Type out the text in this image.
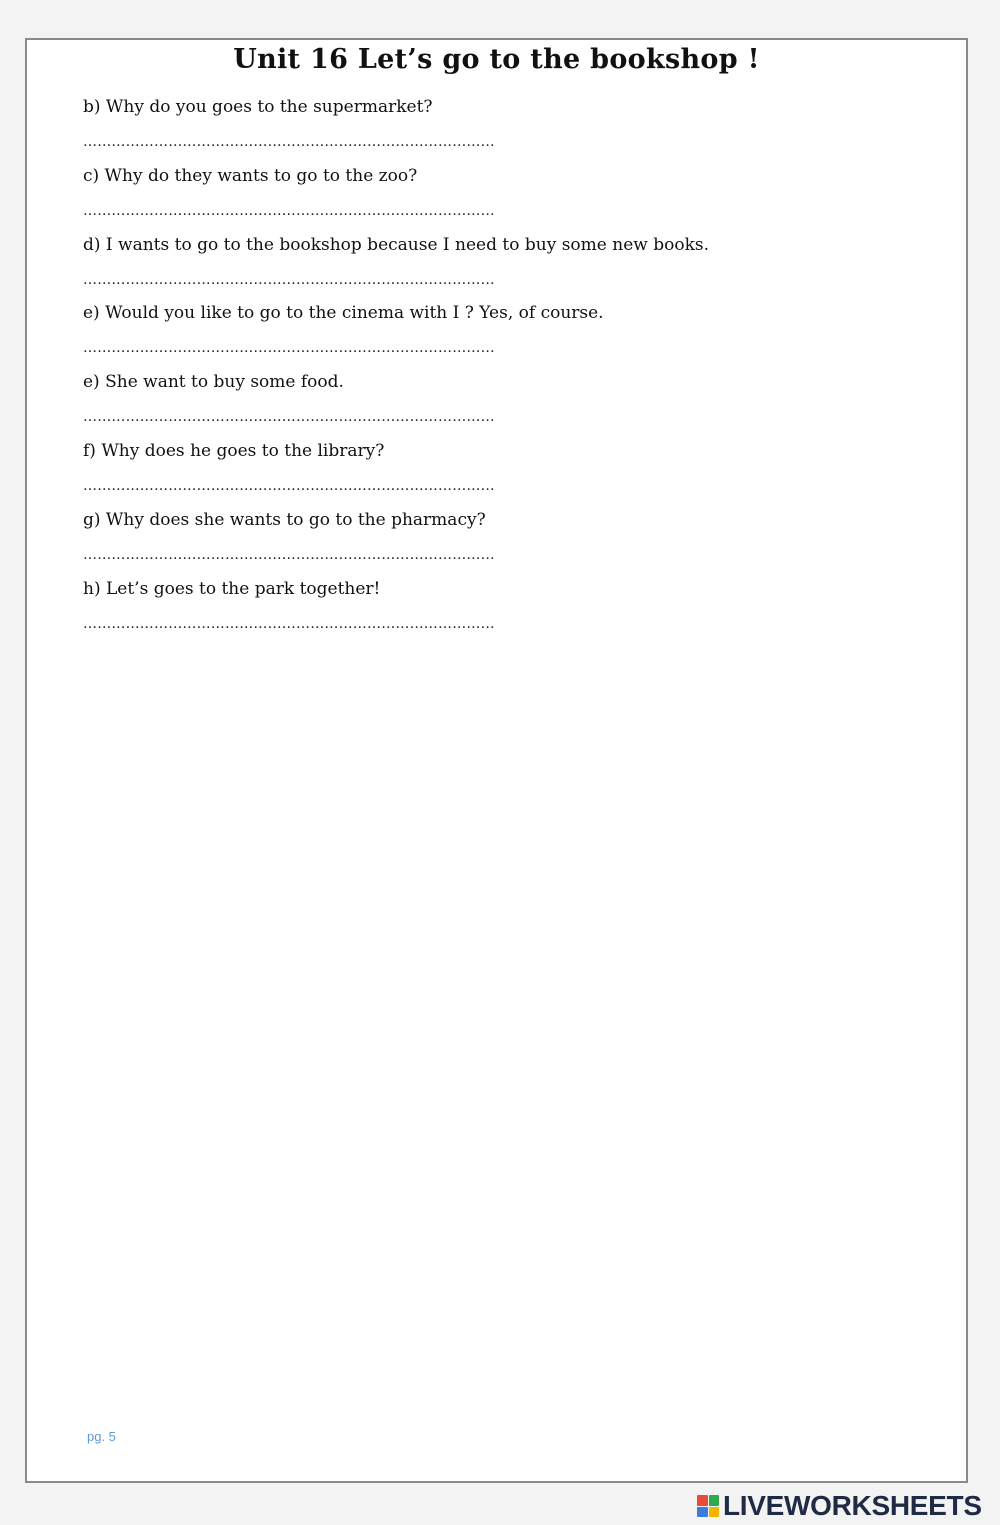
Unit 16 Let’s go to the bookshop !
b) Why do you goes to the supermarket?
……………………………………………………………………………
c) Why do they wants to go to the zoo?
……………………………………………………………………………
d) I wants to go to the bookshop because I need to buy some new books.
……………………………………………………………………………
e) Would you like to go to the cinema with I ? Yes, of course.
……………………………………………………………………………
e) She want to buy some food.
……………………………………………………………………………
f) Why does he goes to the library?
……………………………………………………………………………
g) Why does she wants to go to the pharmacy?
……………………………………………………………………………
h) Let’s goes to the park together!
……………………………………………………………………………
pg. 5
LIVEWORKSHEETS
